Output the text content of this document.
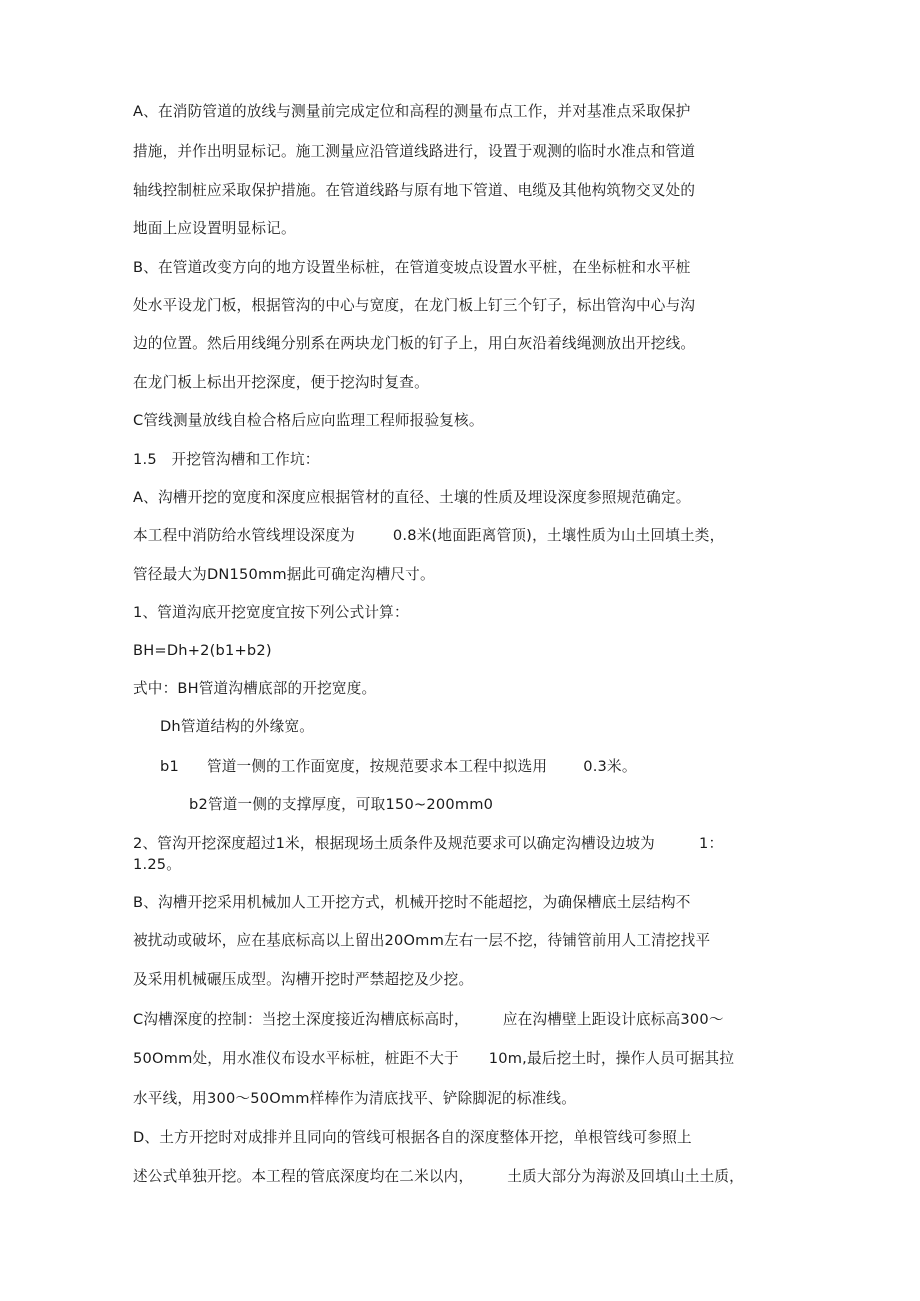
A、在消防管道的放线与测量前完成定位和高程的测量布点工作，并对基准点采取保护
措施，并作出明显标记。施工测量应沿管道线路进行，设置于观测的临时水准点和管道
轴线控制桩应采取保护措施。在管道线路与原有地下管道、电缆及其他构筑物交叉处的
地面上应设置明显标记。
B、在管道改变方向的地方设置坐标桩，在管道变坡点设置水平桩，在坐标桩和水平桩
处水平设龙门板，根据管沟的中心与宽度，在龙门板上钉三个钉子，标出管沟中心与沟
边的位置。然后用线绳分别系在两块龙门板的钉子上，用白灰沿着线绳测放出开挖线。
在龙门板上标出开挖深度，便于挖沟时复查。
C管线测量放线自检合格后应向监理工程师报验复核。
1.5　开挖管沟槽和工作坑：
A、沟槽开挖的宽度和深度应根据管材的直径、土壤的性质及埋设深度参照规范确定。
本工程中消防给水管线埋设深度为	0.8米(地面距离管顶)，土壤性质为山土回填土类，
管径最大为DN150mm据此可确定沟槽尺寸。
1、管道沟底开挖宽度宜按下列公式计算：
BH=Dh+2(b1+b2)
式中：BH管道沟槽底部的开挖宽度。
Dh管道结构的外缘宽。
b1 管道一侧的工作面宽度，按规范要求本工程中拟选用 0.3米。
b2管道一侧的支撑厚度，可取150~200mm0
2、管沟开挖深度超过1米，根据现场土质条件及规范要求可以确定沟槽设边坡为	1：
1.25。
B、沟槽开挖采用机械加人工开挖方式，机械开挖时不能超挖，为确保槽底土层结构不
被扰动或破坏，应在基底标高以上留出20Omm左右一层不挖，待铺管前用人工清挖找平
及采用机械碾压成型。沟槽开挖时严禁超挖及少挖。
C沟槽深度的控制：当挖土深度接近沟槽底标高时， 应在沟槽壁上距设计底标高300～
50Omm处，用水准仪布设水平标桩，桩距不大于 10m,最后挖土时，操作人员可据其拉
水平线，用300～50Omm样棒作为清底找平、铲除脚泥的标准线。
D、土方开挖时对成排并且同向的管线可根据各自的深度整体开挖，单根管线可参照上
述公式单独开挖。本工程的管底深度均在二米以内， 土质大部分为海淤及回填山土土质，
